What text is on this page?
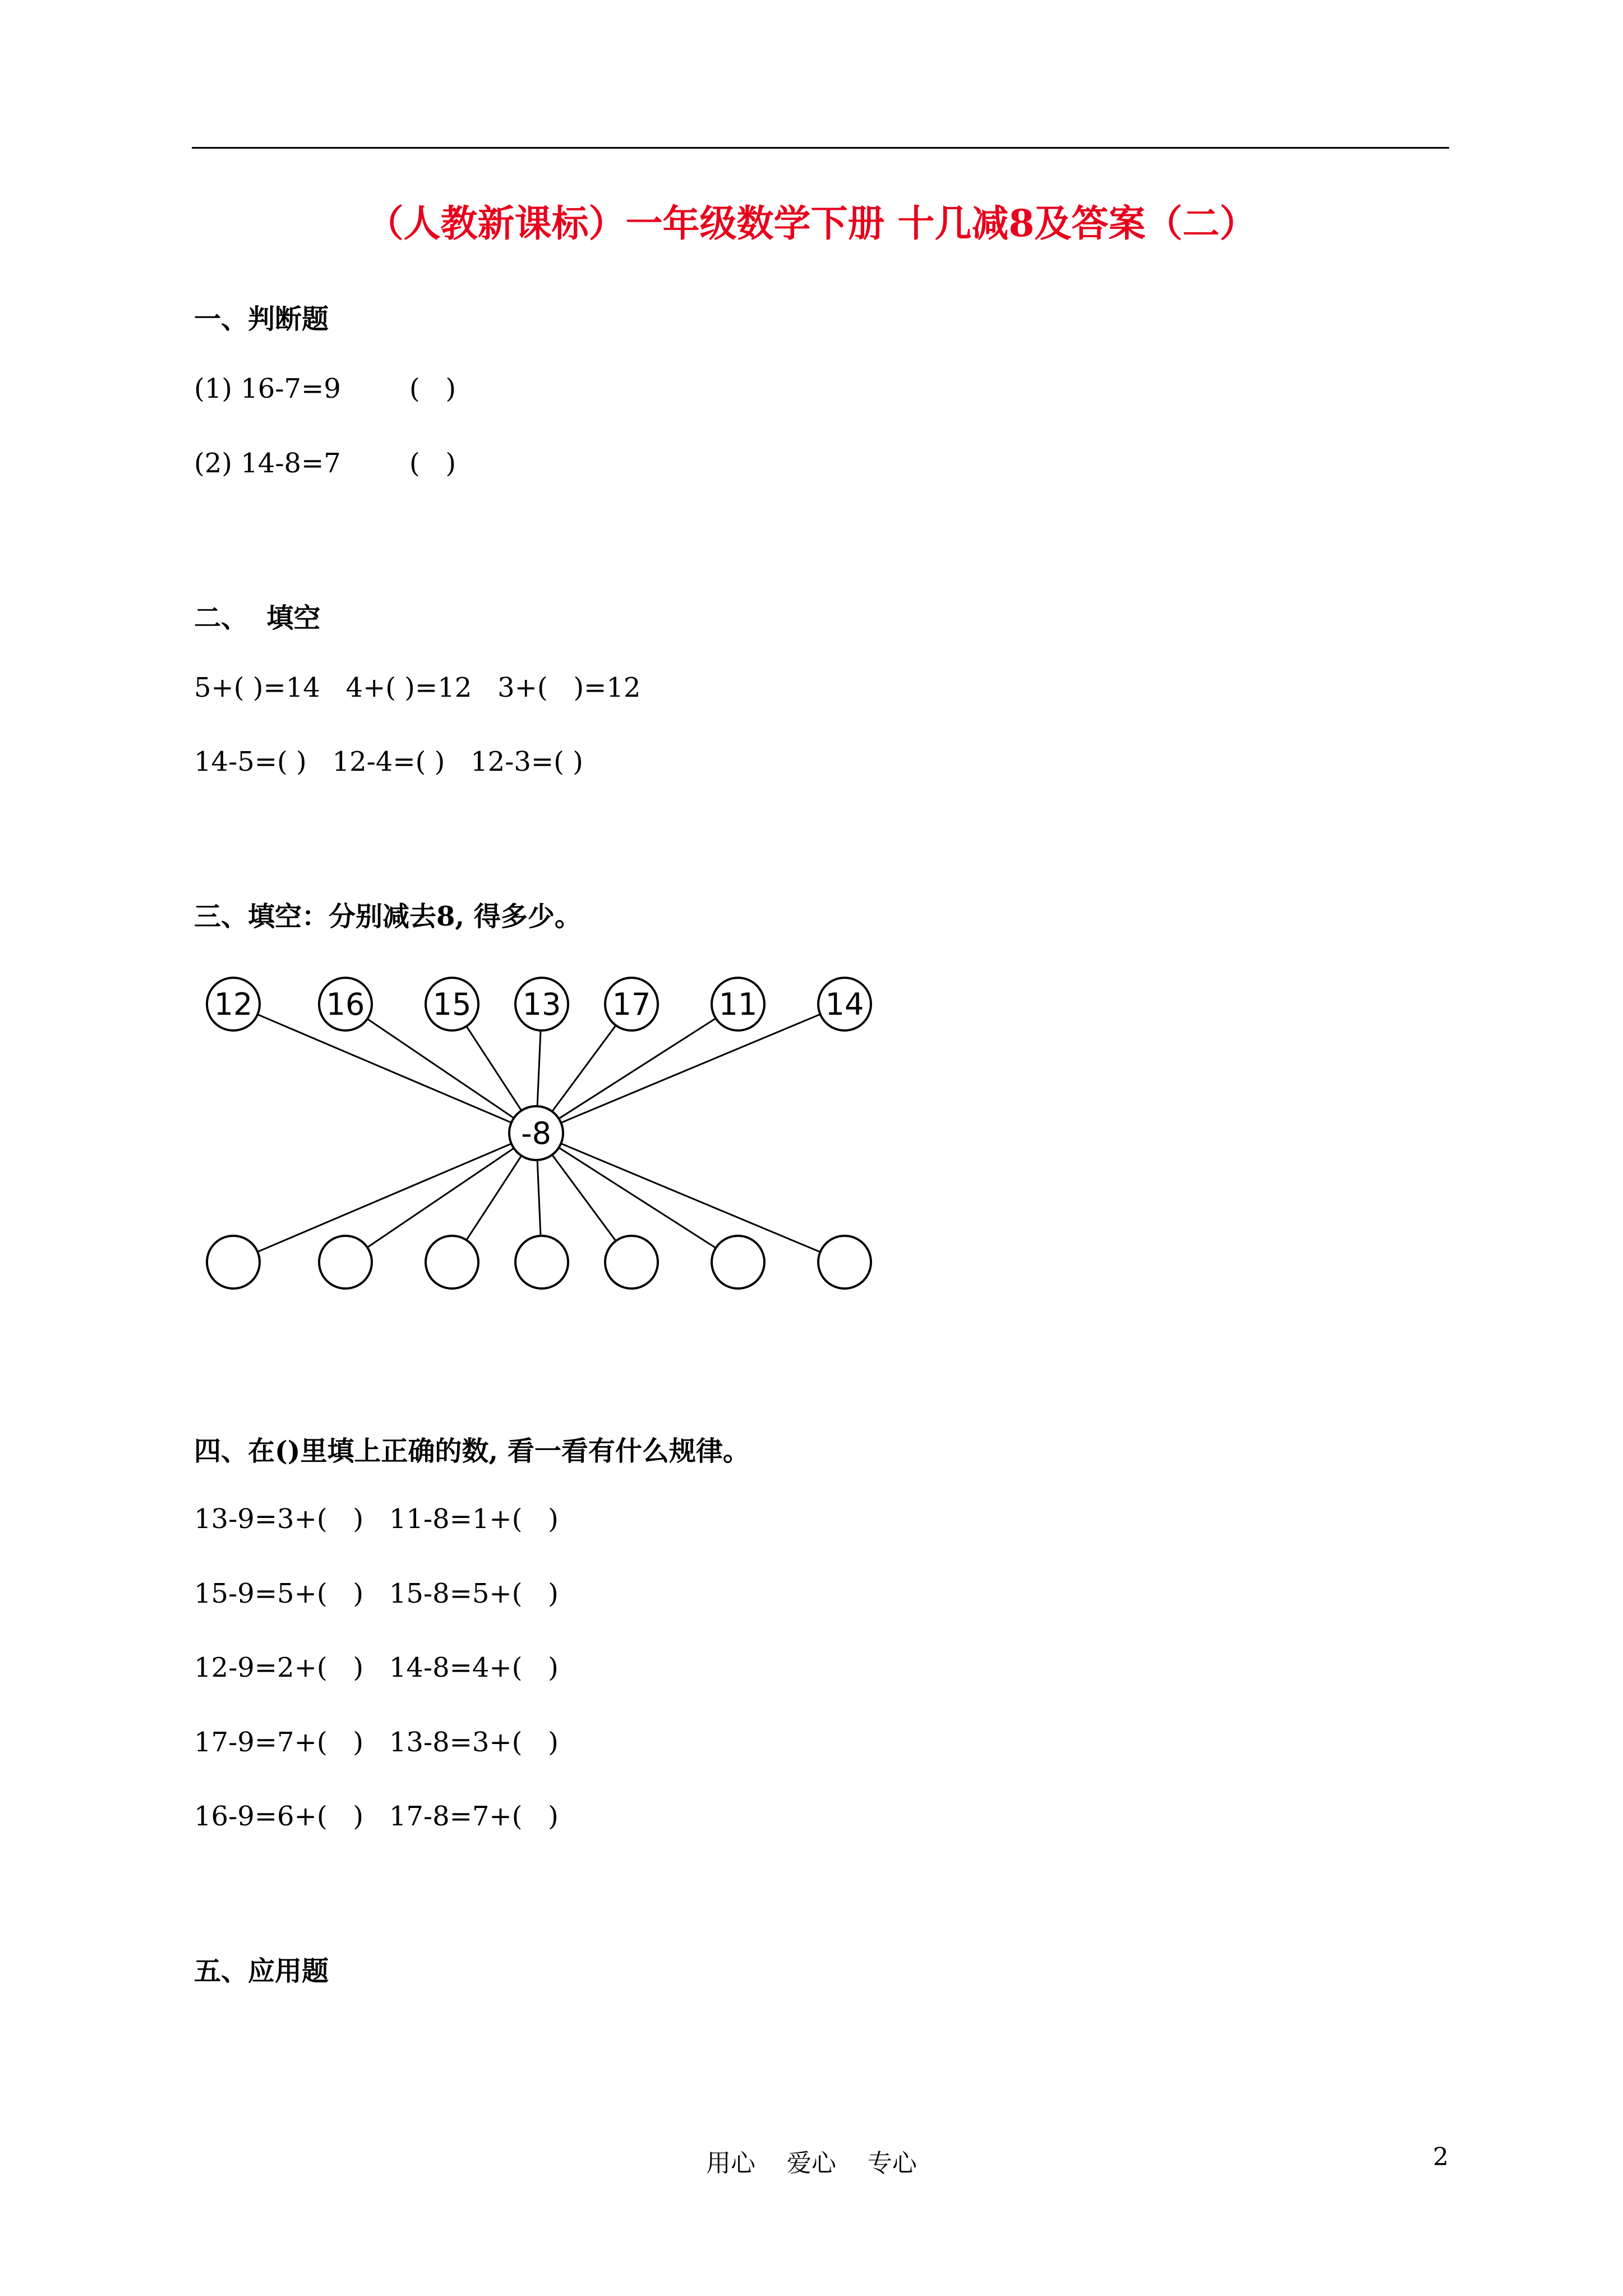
（人教新课标）一年级数学下册 十几减8及答案（二）
一、判断题
(1) 16-7=9        (   )
(2) 14-8=7        (   )
二、  填空
5+( )=14   4+( )=12   3+(   )=12
14-5=( )   12-4=( )   12-3=( )
三、填空：分别减去8, 得多少。
12 16 15 13 17 11 14
-8
四、在()里填上正确的数, 看一看有什么规律。
13-9=3+(   )   11-8=1+(   )
15-9=5+(   )   15-8=5+(   )
12-9=2+(   )   14-8=4+(   )
17-9=7+(   )   13-8=3+(   )
16-9=6+(   )   17-8=7+(   )
五、应用题
用心    爱心    专心	2
